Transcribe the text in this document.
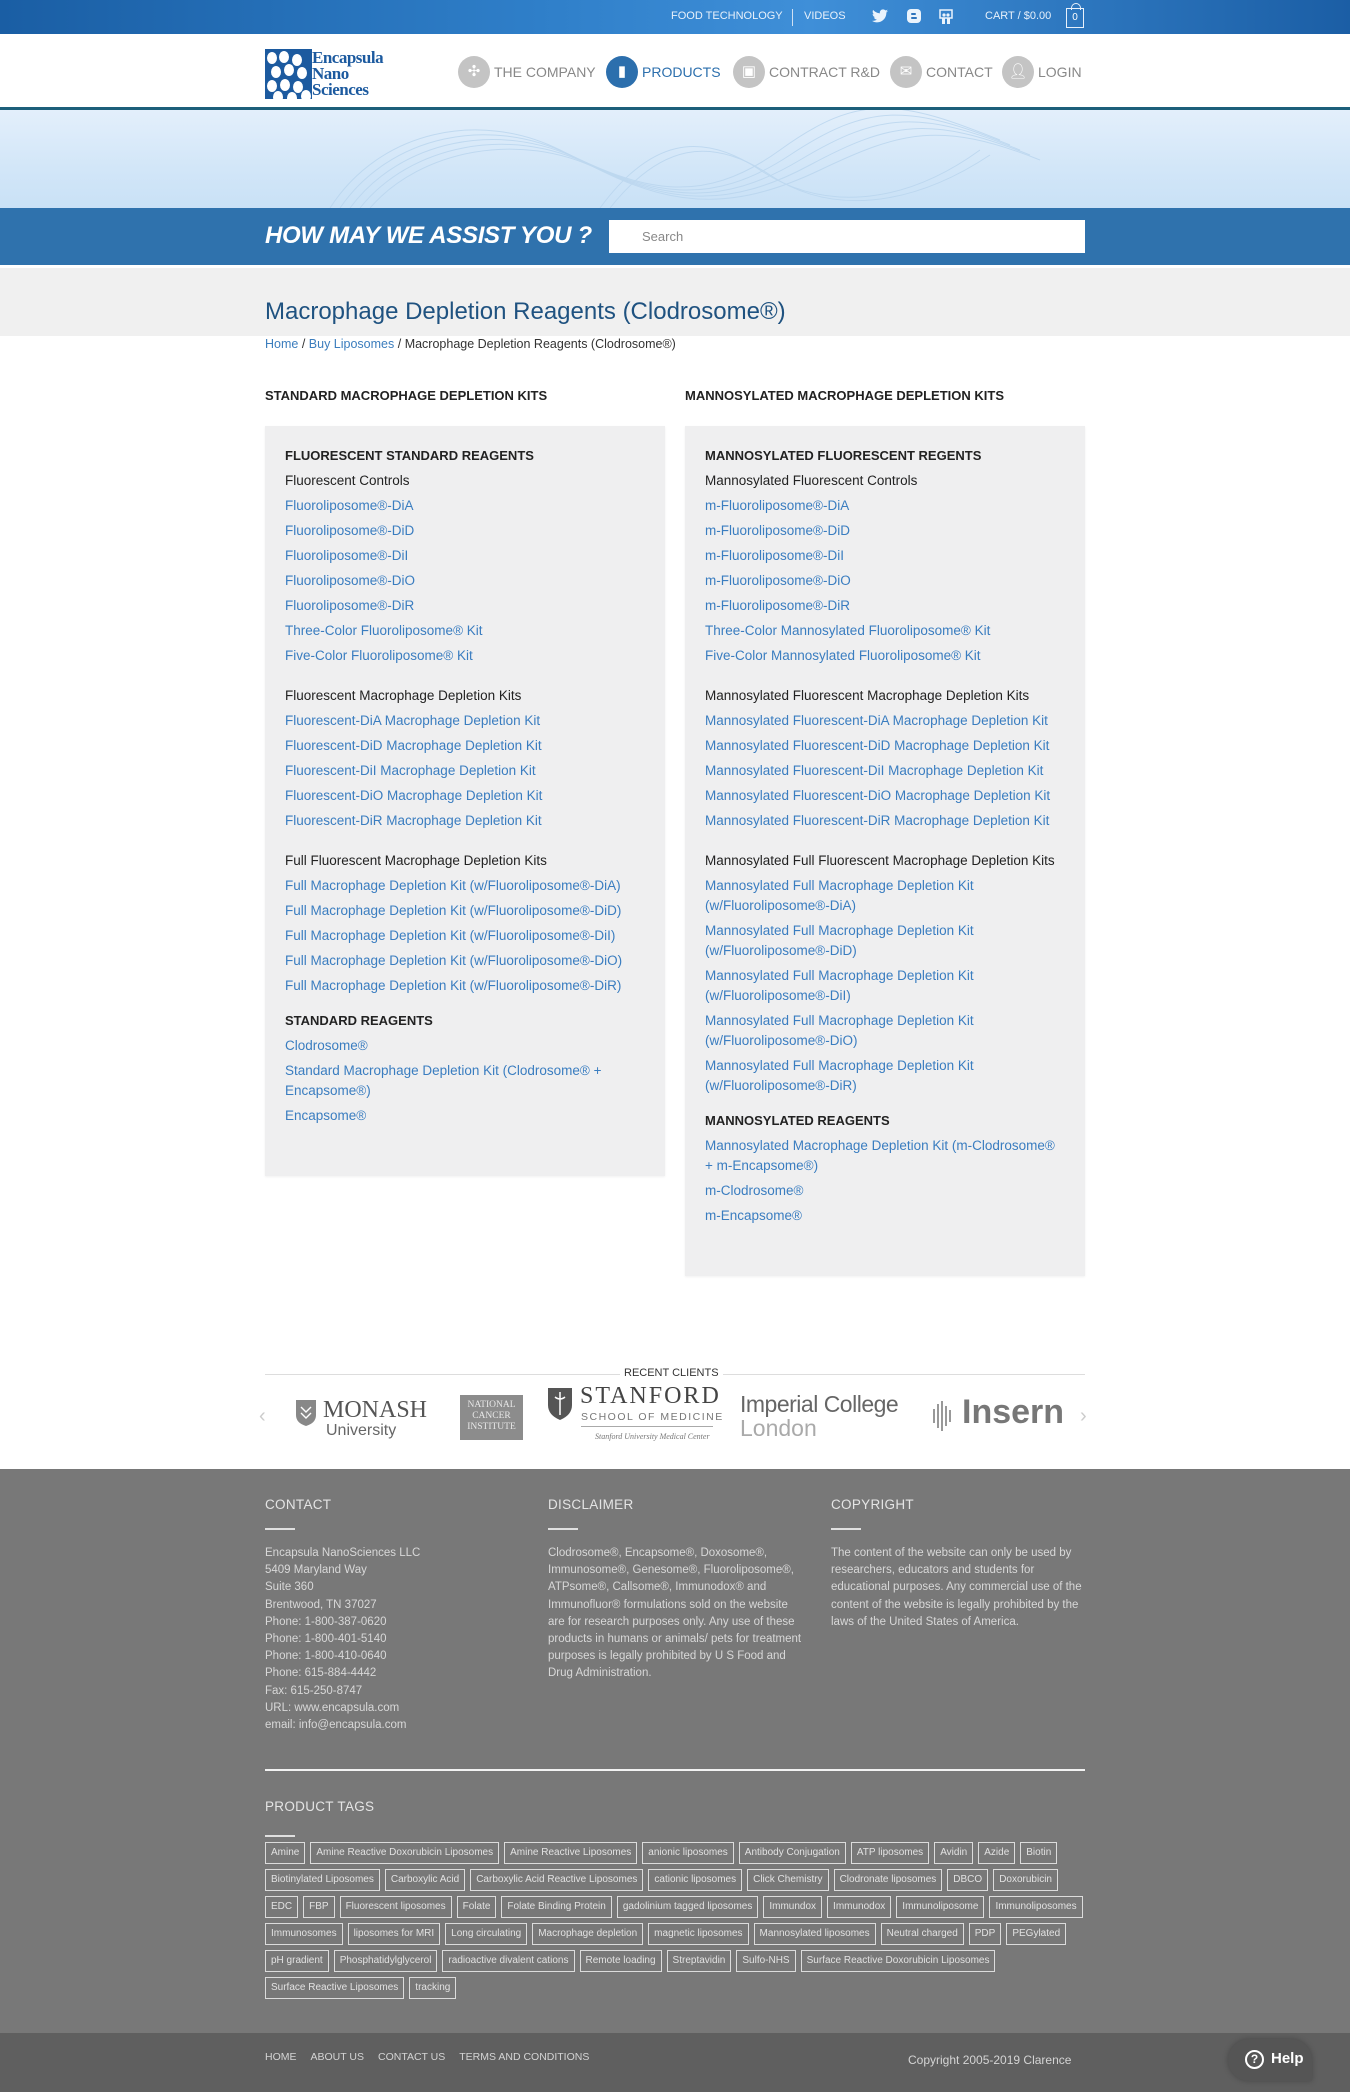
FOOD TECHNOLOGY VIDEOS	CART / $0.00	0
Encapsula
Nano
Sciences
✣ THE COMPANY	▮	PRODUCTS	▣ CONTRACT R&D	✉ CONTACT	👤︎ LOGIN
HOW MAY WE ASSIST YOU ?
Search
Macrophage Depletion Reagents (Clodrosome®)
Home / Buy Liposomes / Macrophage Depletion Reagents (Clodrosome®)
STANDARD MACROPHAGE DEPLETION KITS	MANNOSYLATED MACROPHAGE DEPLETION KITS
FLUORESCENT STANDARD REAGENTS
Fluorescent Controls
Fluoroliposome®-DiA
Fluoroliposome®-DiD
Fluoroliposome®-DiI
Fluoroliposome®-DiO
Fluoroliposome®-DiR
Three-Color Fluoroliposome® Kit
Five-Color Fluoroliposome® Kit
Fluorescent Macrophage Depletion Kits
Fluorescent-DiA Macrophage Depletion Kit
Fluorescent-DiD Macrophage Depletion Kit
Fluorescent-DiI Macrophage Depletion Kit
Fluorescent-DiO Macrophage Depletion Kit
Fluorescent-DiR Macrophage Depletion Kit
Full Fluorescent Macrophage Depletion Kits
Full Macrophage Depletion Kit (w/Fluoroliposome®-DiA)
Full Macrophage Depletion Kit (w/Fluoroliposome®-DiD)
Full Macrophage Depletion Kit (w/Fluoroliposome®-DiI)
Full Macrophage Depletion Kit (w/Fluoroliposome®-DiO)
Full Macrophage Depletion Kit (w/Fluoroliposome®-DiR)
STANDARD REAGENTS
Clodrosome®
Standard Macrophage Depletion Kit (Clodrosome® + Encapsome®)
Encapsome®
MANNOSYLATED FLUORESCENT REGENTS
Mannosylated Fluorescent Controls
m-Fluoroliposome®-DiA
m-Fluoroliposome®-DiD
m-Fluoroliposome®-DiI
m-Fluoroliposome®-DiO
m-Fluoroliposome®-DiR
Three-Color Mannosylated Fluoroliposome® Kit
Five-Color Mannosylated Fluoroliposome® Kit
Mannosylated Fluorescent Macrophage Depletion Kits
Mannosylated Fluorescent-DiA Macrophage Depletion Kit
Mannosylated Fluorescent-DiD Macrophage Depletion Kit
Mannosylated Fluorescent-DiI Macrophage Depletion Kit
Mannosylated Fluorescent-DiO Macrophage Depletion Kit
Mannosylated Fluorescent-DiR Macrophage Depletion Kit
Mannosylated Full Fluorescent Macrophage Depletion Kits
Mannosylated Full Macrophage Depletion Kit (w/Fluoroliposome®-DiA)
Mannosylated Full Macrophage Depletion Kit (w/Fluoroliposome®-DiD)
Mannosylated Full Macrophage Depletion Kit (w/Fluoroliposome®-DiI)
Mannosylated Full Macrophage Depletion Kit (w/Fluoroliposome®-DiO)
Mannosylated Full Macrophage Depletion Kit (w/Fluoroliposome®-DiR)
MANNOSYLATED REAGENTS
Mannosylated Macrophage Depletion Kit (m-Clodrosome® + m-Encapsome®)
m-Clodrosome®
m-Encapsome®
RECENT CLIENTS
‹	›
MONASH
University
NATIONAL CANCER INSTITUTE
STANFORD
SCHOOL OF MEDICINE
Stanford University Medical Center
Imperial College
London	Insern
CONTACT

Encapsula NanoSciences LLC
5409 Maryland Way
Suite 360
Brentwood, TN 37027
Phone: 1-800-387-0620
Phone: 1-800-401-5140
Phone: 1-800-410-0640
Phone: 615-884-4442
Fax: 615-250-8747
URL: www.encapsula.com
email: info@encapsula.com

DISCLAIMER

Clodrosome®, Encapsome®, Doxosome®, Immunosome®, Genesome®, Fluoroliposome®, ATPsome®, Callsome®, Immunodox® and Immunofluor® formulations sold on the website are for research purposes only. Any use of these products in humans or animals/ pets for treatment purposes is legally prohibited by U S Food and Drug Administration.

COPYRIGHT

The content of the website can only be used by researchers, educators and students for educational purposes. Any commercial use of the content of the website is legally prohibited by the laws of the United States of America.

PRODUCT TAGS
Amine	Amine Reactive Doxorubicin Liposomes	Amine Reactive Liposomes	anionic liposomes	Antibody Conjugation	ATP liposomes	Avidin	Azide	Biotin
Biotinylated Liposomes	Carboxylic Acid	Carboxylic Acid Reactive Liposomes	cationic liposomes	Click Chemistry	Clodronate liposomes	DBCO	Doxorubicin
EDC	FBP	Fluorescent liposomes	Folate	Folate Binding Protein	gadolinium tagged liposomes	Immundox	Immunodox	Immunoliposome	Immunoliposomes
Immunosomes	liposomes for MRI	Long circulating	Macrophage depletion	magnetic liposomes	Mannosylated liposomes	Neutral charged	PDP	PEGylated
pH gradient	Phosphatidylglycerol	radioactive divalent cations	Remote loading	Streptavidin	Sulfo-NHS	Surface Reactive Doxorubicin Liposomes
Surface Reactive Liposomes	tracking
HOME ABOUT US CONTACT US TERMS AND CONDITIONS	Copyright 2005-2019 Clarence	? Help
